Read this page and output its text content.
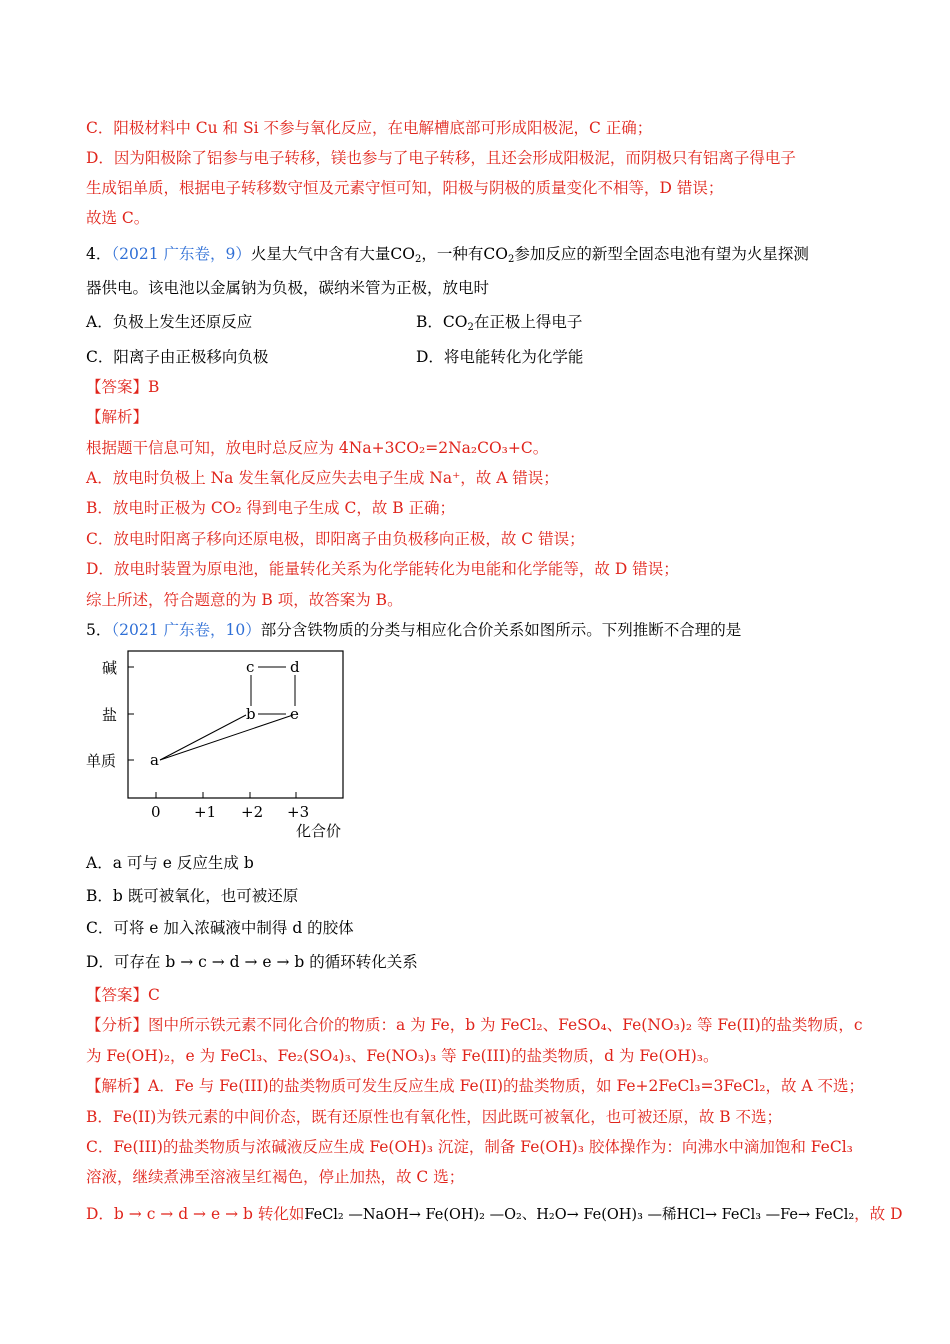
C．阳极材料中 Cu 和 Si 不参与氧化反应，在电解槽底部可形成阳极泥，C 正确；
D．因为阳极除了铝参与电子转移，镁也参与了电子转移，且还会形成阳极泥，而阴极只有铝离子得电子
生成铝单质，根据电子转移数守恒及元素守恒可知，阳极与阴极的质量变化不相等，D 错误；
故选 C。
4．（2021 广东卷，9）火星大气中含有大量$CO_2$，一种有$CO_2$参加反应的新型全固态电池有望为火星探测
器供电。该电池以金属钠为负极，碳纳米管为正极，放电时
A．负极上发生还原反应	B．$CO_2$在正极上得电子
C．阳离子由正极移向负极	D．将电能转化为化学能
【答案】B
【解析】
根据题干信息可知，放电时总反应为 4Na+3CO₂=2Na₂CO₃+C。
A．放电时负极上 Na 发生氧化反应失去电子生成 Na⁺，故 A 错误；
B．放电时正极为 CO₂ 得到电子生成 C，故 B 正确；
C．放电时阳离子移向还原电极，即阳离子由负极移向正极，故 C 错误；
D．放电时装置为原电池，能量转化关系为化学能转化为电能和化学能等，故 D 错误；
综上所述，符合题意的为 B 项，故答案为 B。
5．（2021 广东卷，10）部分含铁物质的分类与相应化合价关系如图所示。下列推断不合理的是
碱
盐
单质
0 +1 +2 +3
化合价
a
b
c d
e
A．a 可与 e 反应生成 b
B．b 既可被氧化，也可被还原
C．可将 e 加入浓碱液中制得 d 的胶体
D．可存在 b → c → d → e → b 的循环转化关系
【答案】C
【分析】图中所示铁元素不同化合价的物质：a 为 Fe，b 为 FeCl₂、FeSO₄、Fe(NO₃)₂ 等 Fe(II)的盐类物质，c
为 Fe(OH)₂，e 为 FeCl₃、Fe₂(SO₄)₃、Fe(NO₃)₃ 等 Fe(III)的盐类物质，d 为 Fe(OH)₃。
【解析】A．Fe 与 Fe(III)的盐类物质可发生反应生成 Fe(II)的盐类物质，如 Fe+2FeCl₃=3FeCl₂，故 A 不选；
B．Fe(II)为铁元素的中间价态，既有还原性也有氧化性，因此既可被氧化，也可被还原，故 B 不选；
C．Fe(III)的盐类物质与浓碱液反应生成 Fe(OH)₃ 沉淀，制备 Fe(OH)₃ 胶体操作为：向沸水中滴加饱和 FeCl₃
溶液，继续煮沸至溶液呈红褐色，停止加热，故 C 选；
D．b → c → d → e → b 转化如FeCl₂ —NaOH→ Fe(OH)₂ —O₂、H₂O→ Fe(OH)₃ —稀HCl→ FeCl₃ —Fe→ FeCl₂，故 D
